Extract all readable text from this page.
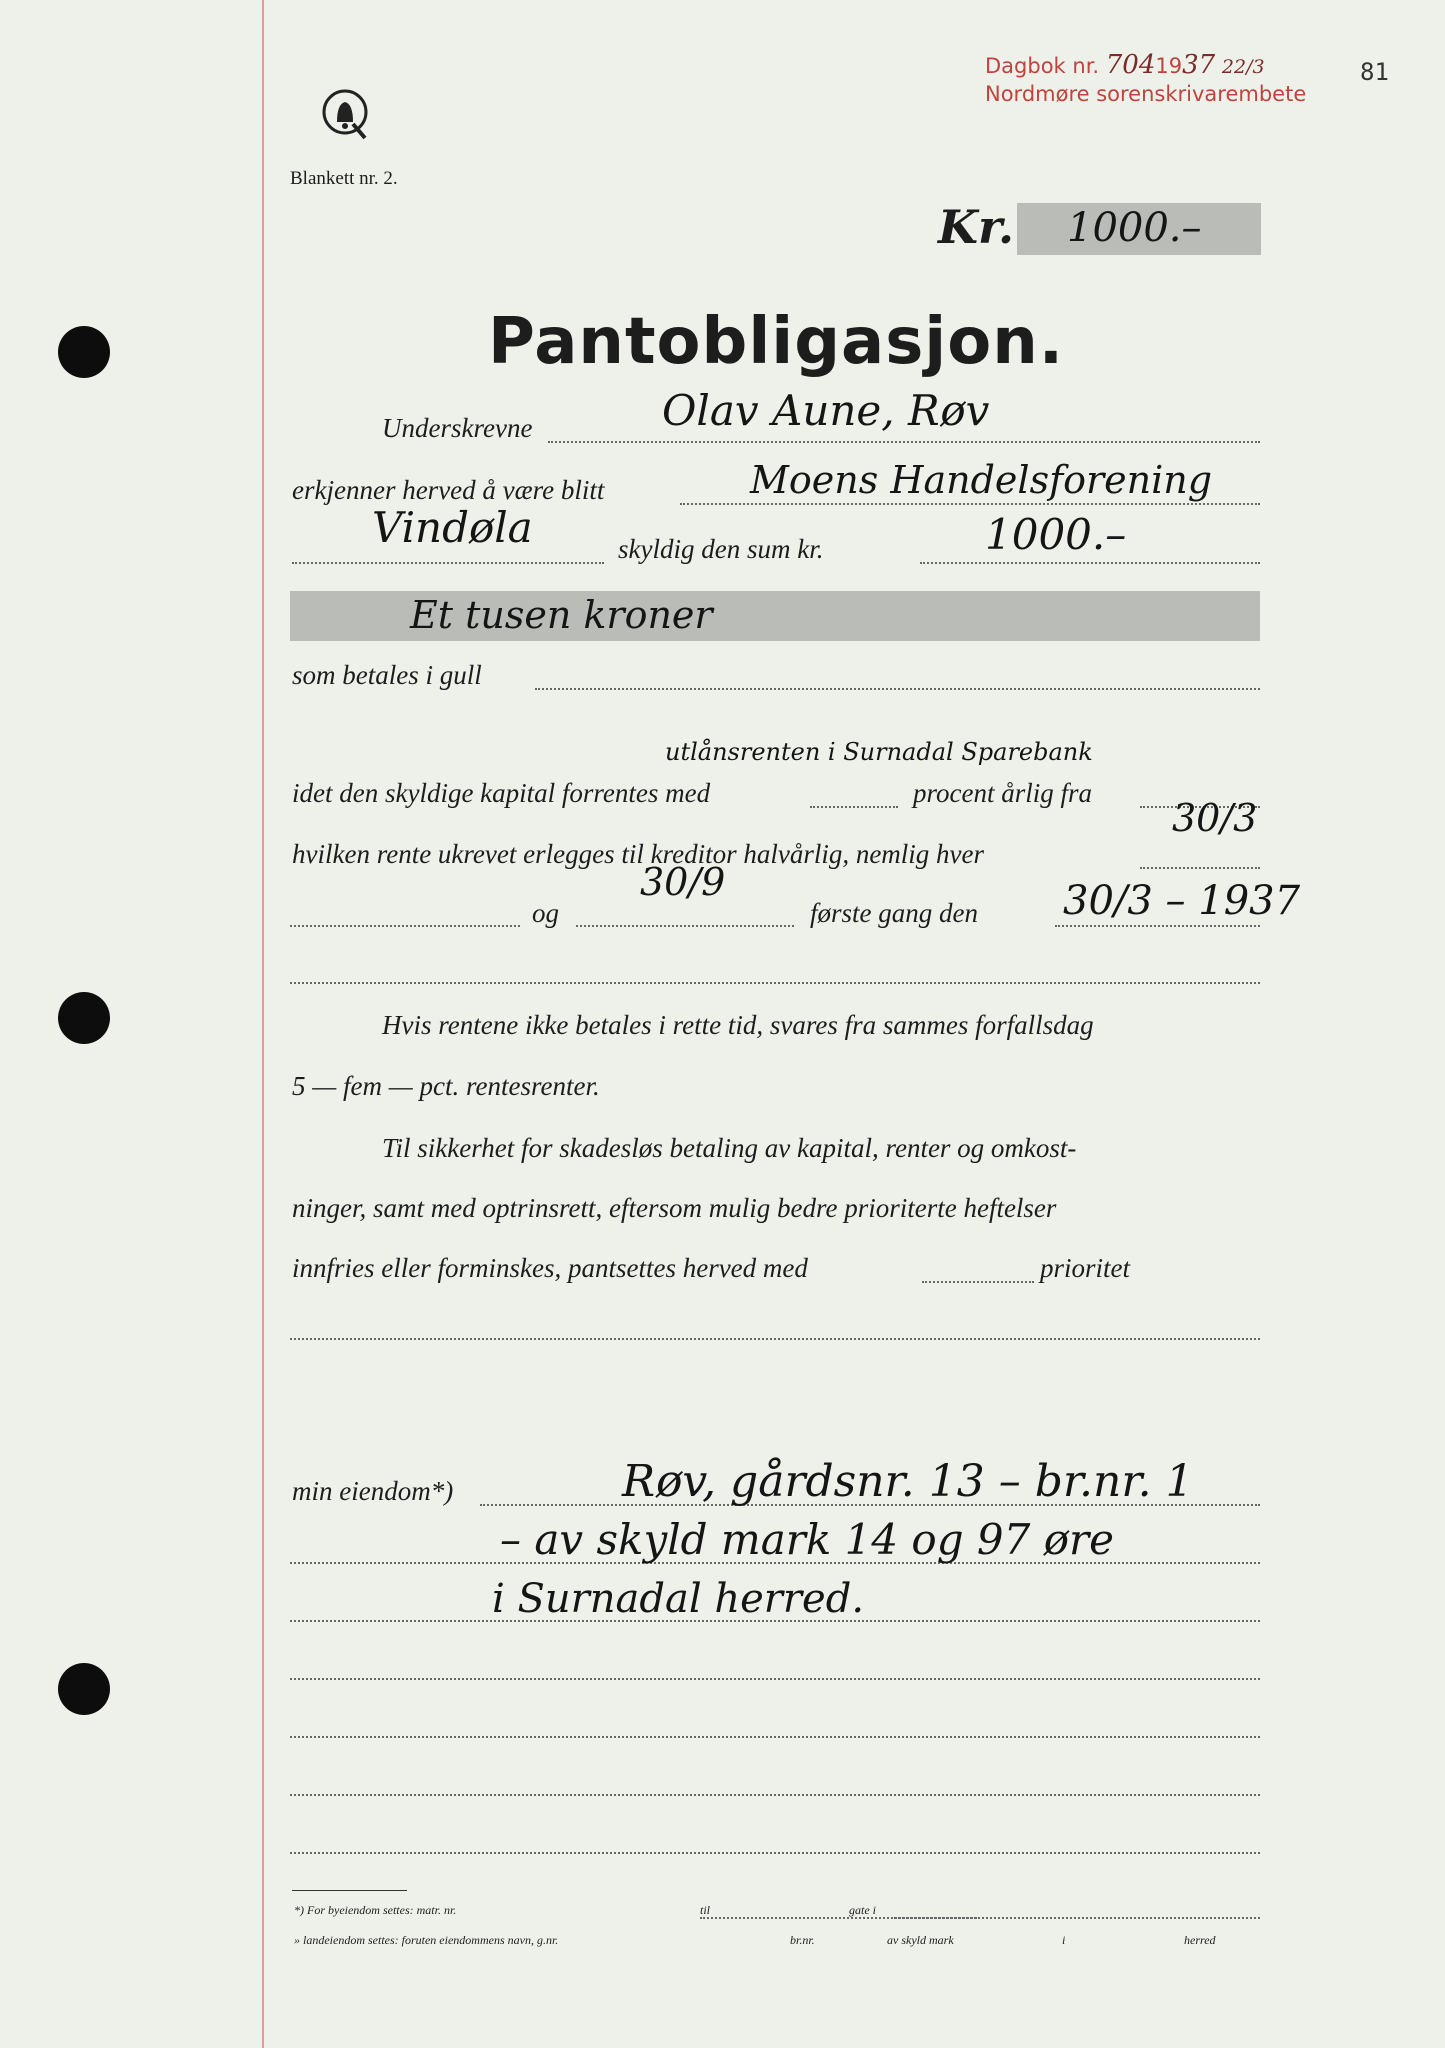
Dagbok nr. 7041937 22/3
Nordmøre sorenskrivarembete
81
Blankett nr. 2.
Kr. 1000.–
Pantobligasjon.
Underskrevne	Olav Aune, Røv
erkjenner herved å være blitt	Moens Handelsforening
Vindøla	skyldig den sum kr.	1000.–
Et tusen kroner
som betales i gull
utlånsrenten i Surnadal Sparebank
idet den skyldige kapital forrentes med	procent årlig fra
30/3
hvilken rente ukrevet erlegges til kreditor halvårlig, nemlig hver
og
30/9
første gang den 30/3 – 1937
Hvis rentene ikke betales i rette tid, svares fra sammes forfallsdag
5 — fem — pct. rentesrenter.
Til sikkerhet for skadesløs betaling av kapital, renter og omkost-
ninger, samt med optrinsrett, eftersom mulig bedre prioriterte heftelser
innfries eller forminskes, pantsettes herved med	prioritet
min eiendom*)	Røv, gårdsnr. 13 – br.nr. 1
– av skyld mark 14 og 97 øre
i Surnadal herred.
*) For byeiendom settes: matr. nr.	til	gate i
» landeiendom settes: foruten eiendommens navn, g.nr.	br.nr.	av skyld mark	i	herred
